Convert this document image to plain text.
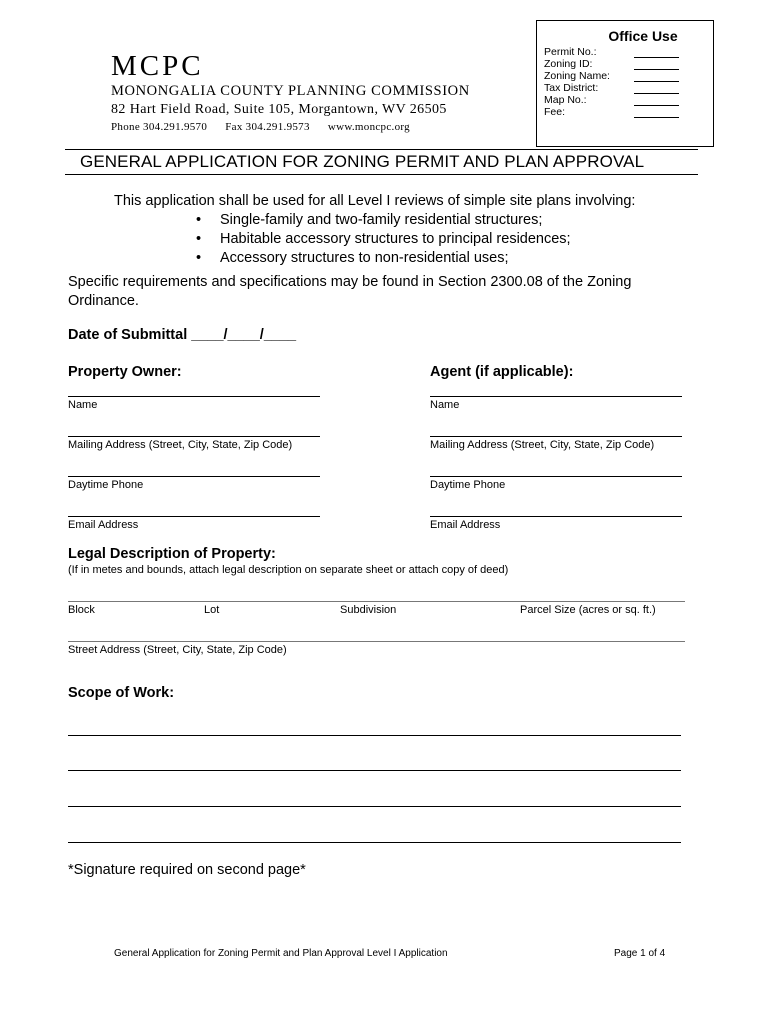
MCPC
MONONGALIA COUNTY PLANNING COMMISSION
82 Hart Field Road, Suite 105, Morgantown, WV 26505
Phone 304.291.9570 Fax 304.291.9573 www.moncpc.org
Office Use
Permit No.:
Zoning ID:
Zoning Name:
Tax District:
Map No.:
Fee:
GENERAL APPLICATION FOR ZONING PERMIT AND PLAN APPROVAL
This application shall be used for all Level I reviews of simple site plans involving:
• Single-family and two-family residential structures;
• Habitable accessory structures to principal residences;
• Accessory structures to non-residential uses;
Specific requirements and specifications may be found in Section 2300.08 of the Zoning Ordinance.
Date of Submittal ____/____/____
Property Owner:	Agent (if applicable):
Name	Name
Mailing Address (Street, City, State, Zip Code)	Mailing Address (Street, City, State, Zip Code)
Daytime Phone	Daytime Phone
Email Address	Email Address
Legal Description of Property:
(If in metes and bounds, attach legal description on separate sheet or attach copy of deed)
Block	Lot	Subdivision	Parcel Size (acres or sq. ft.)
Street Address (Street, City, State, Zip Code)
Scope of Work:
*Signature required on second page*
General Application for Zoning Permit and Plan Approval Level I Application	Page 1 of 4
